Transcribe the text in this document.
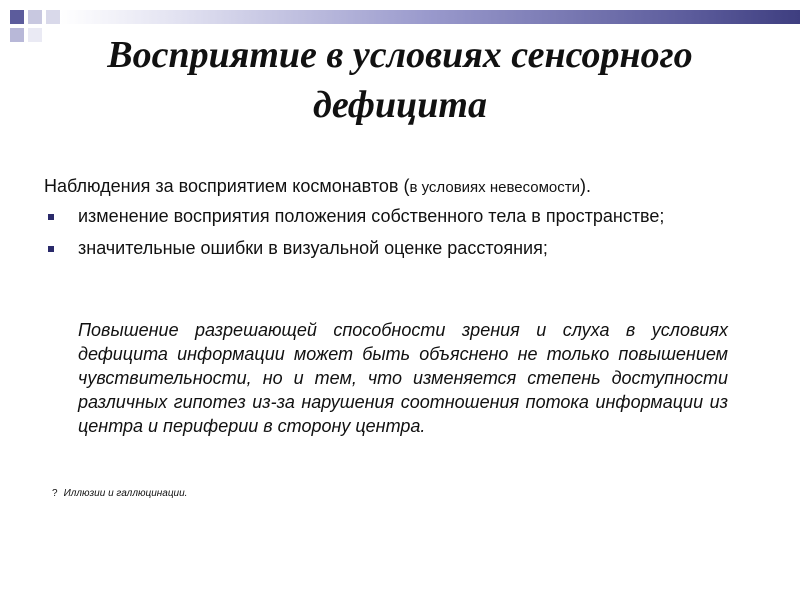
Восприятие в условиях сенсорного дефицита

Наблюдения за восприятием космонавтов (в условиях невесомости).

изменение восприятия положения собственного тела в пространстве;
значительные ошибки в визуальной оценке расстояния;

Повышение разрешающей способности зрения и слуха в условиях дефицита информации может быть объяснено не только повышением чувствительности, но и тем, что изменяется степень доступности различных гипотез из-за нарушения соотношения потока информации из центра и периферии в сторону центра.

? Иллюзии и галлюцинации.
